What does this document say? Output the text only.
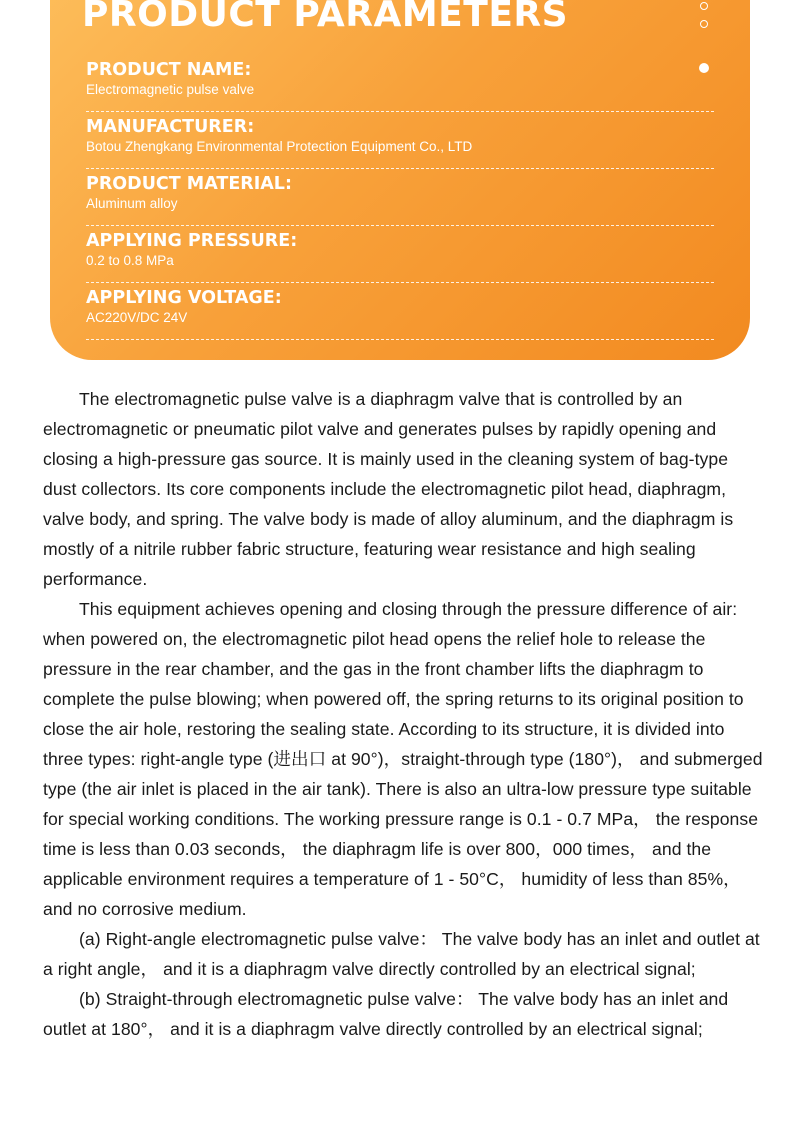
PRODUCT PARAMETERS
PRODUCT NAME:
Electromagnetic pulse valve
MANUFACTURER:
Botou Zhengkang Environmental Protection Equipment Co., LTD
PRODUCT MATERIAL:
Aluminum alloy
APPLYING PRESSURE:
0.2 to 0.8 MPa
APPLYING VOLTAGE:
AC220V/DC 24V

The electromagnetic pulse valve is a diaphragm valve that is controlled by an electromagnetic or pneumatic pilot valve and generates pulses by rapidly opening and closing a high-pressure gas source. It is mainly used in the cleaning system of bag-type dust collectors. Its core components include the electromagnetic pilot head, diaphragm, valve body, and spring. The valve body is made of alloy aluminum, and the diaphragm is mostly of a nitrile rubber fabric structure, featuring wear resistance and high sealing performance.

This equipment achieves opening and closing through the pressure difference of air: when powered on, the electromagnetic pilot head opens the relief hole to release the pressure in the rear chamber, and the gas in the front chamber lifts the diaphragm to complete the pulse blowing; when powered off, the spring returns to its original position to close the air hole, restoring the sealing state. According to its structure, it is divided into three types: right-angle type (进出口 at 90°)，straight-through type (180°)， and submerged type (the air inlet is placed in the air tank). There is also an ultra-low pressure type suitable for special working conditions. The working pressure range is 0.1 - 0.7 MPa， the response time is less than 0.03 seconds， the diaphragm life is over 800，000 times， and the applicable environment requires a temperature of 1 - 50°C， humidity of less than 85%， and no corrosive medium.

(a) Right-angle electromagnetic pulse valve： The valve body has an inlet and outlet at a right angle， and it is a diaphragm valve directly controlled by an electrical signal;

(b) Straight-through electromagnetic pulse valve： The valve body has an inlet and outlet at 180°， and it is a diaphragm valve directly controlled by an electrical signal;
